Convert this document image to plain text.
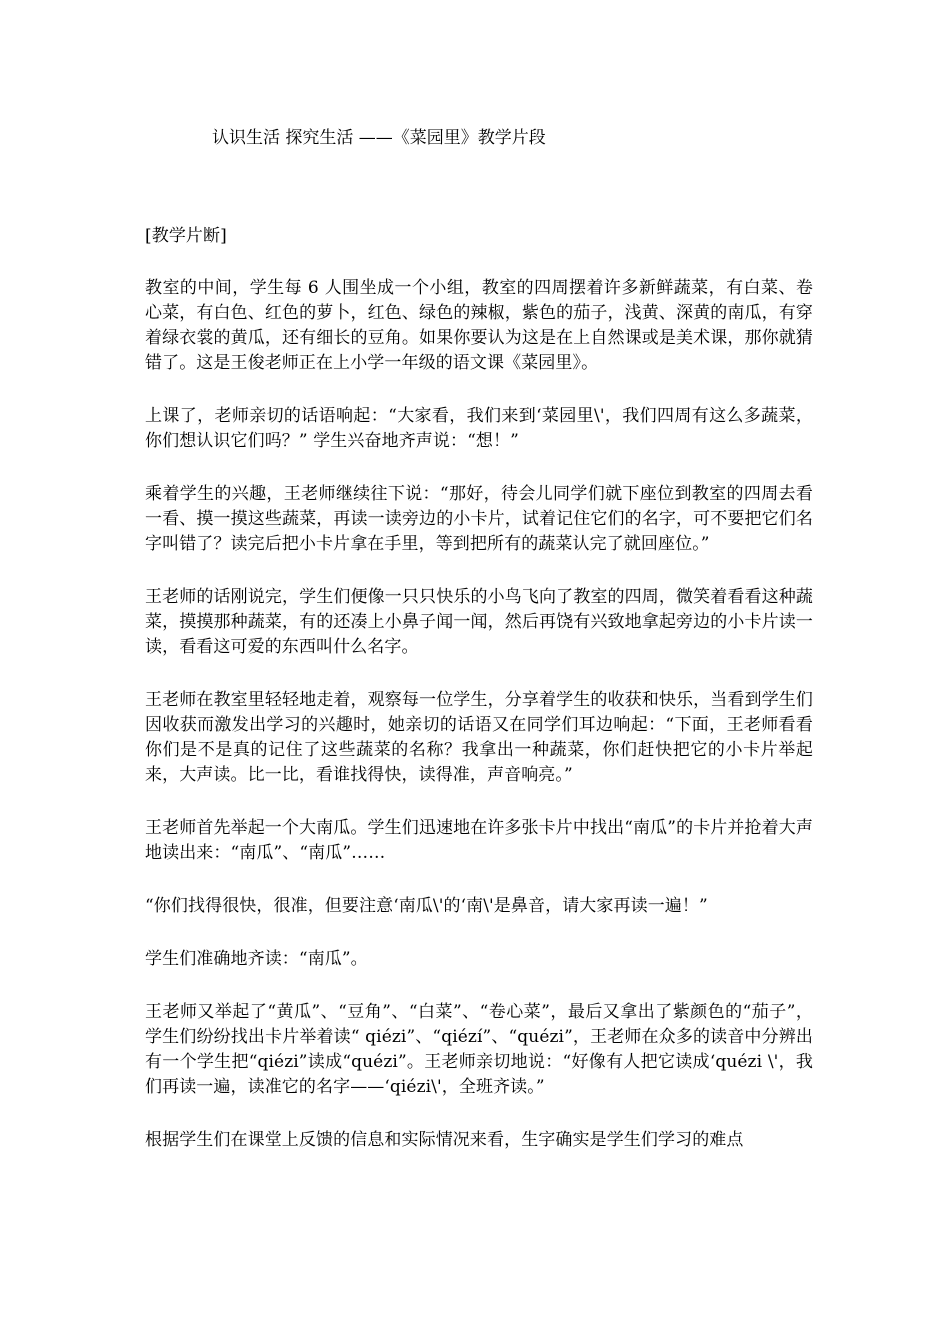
认识生活 探究生活 ——《菜园里》教学片段

[教学片断]

教室的中间，学生每 6 人围坐成一个小组，教室的四周摆着许多新鲜蔬菜，有白菜、卷心菜，有白色、红色的萝卜，红色、绿色的辣椒，紫色的茄子，浅黄、深黄的南瓜，有穿着绿衣裳的黄瓜，还有细长的豆角。如果你要认为这是在上自然课或是美术课，那你就猜错了。这是王俊老师正在上小学一年级的语文课《菜园里》。

上课了，老师亲切的话语响起：“大家看，我们来到‘菜园里\'，我们四周有这么多蔬菜，你们想认识它们吗？” 学生兴奋地齐声说：“想！”

乘着学生的兴趣，王老师继续往下说：“那好，待会儿同学们就下座位到教室的四周去看一看、摸一摸这些蔬菜，再读一读旁边的小卡片，试着记住它们的名字，可不要把它们名字叫错了？读完后把小卡片拿在手里，等到把所有的蔬菜认完了就回座位。”

王老师的话刚说完，学生们便像一只只快乐的小鸟飞向了教室的四周，微笑着看看这种蔬菜，摸摸那种蔬菜，有的还凑上小鼻子闻一闻，然后再饶有兴致地拿起旁边的小卡片读一读，看看这可爱的东西叫什么名字。

王老师在教室里轻轻地走着，观察每一位学生，分享着学生的收获和快乐，当看到学生们因收获而激发出学习的兴趣时，她亲切的话语又在同学们耳边响起：“下面，王老师看看你们是不是真的记住了这些蔬菜的名称？我拿出一种蔬菜，你们赶快把它的小卡片举起来，大声读。比一比，看谁找得快，读得准，声音响亮。”

王老师首先举起一个大南瓜。学生们迅速地在许多张卡片中找出“南瓜”的卡片并抢着大声地读出来：“南瓜”、“南瓜”……

“你们找得很快，很准，但要注意‘南瓜\'的‘南\'是鼻音，请大家再读一遍！”

学生们准确地齐读：“南瓜”。

王老师又举起了“黄瓜”、“豆角”、“白菜”、“卷心菜”，最后又拿出了紫颜色的“茄子”，学生们纷纷找出卡片举着读“ qiézi”、“qiézí”、“quézi”，王老师在众多的读音中分辨出有一个学生把“qiézi”读成“quézi”。王老师亲切地说：“好像有人把它读成‘quézi \'，我们再读一遍，读准它的名字——‘qiézi\'，全班齐读。”

根据学生们在课堂上反馈的信息和实际情况来看，生字确实是学生们学习的难点
